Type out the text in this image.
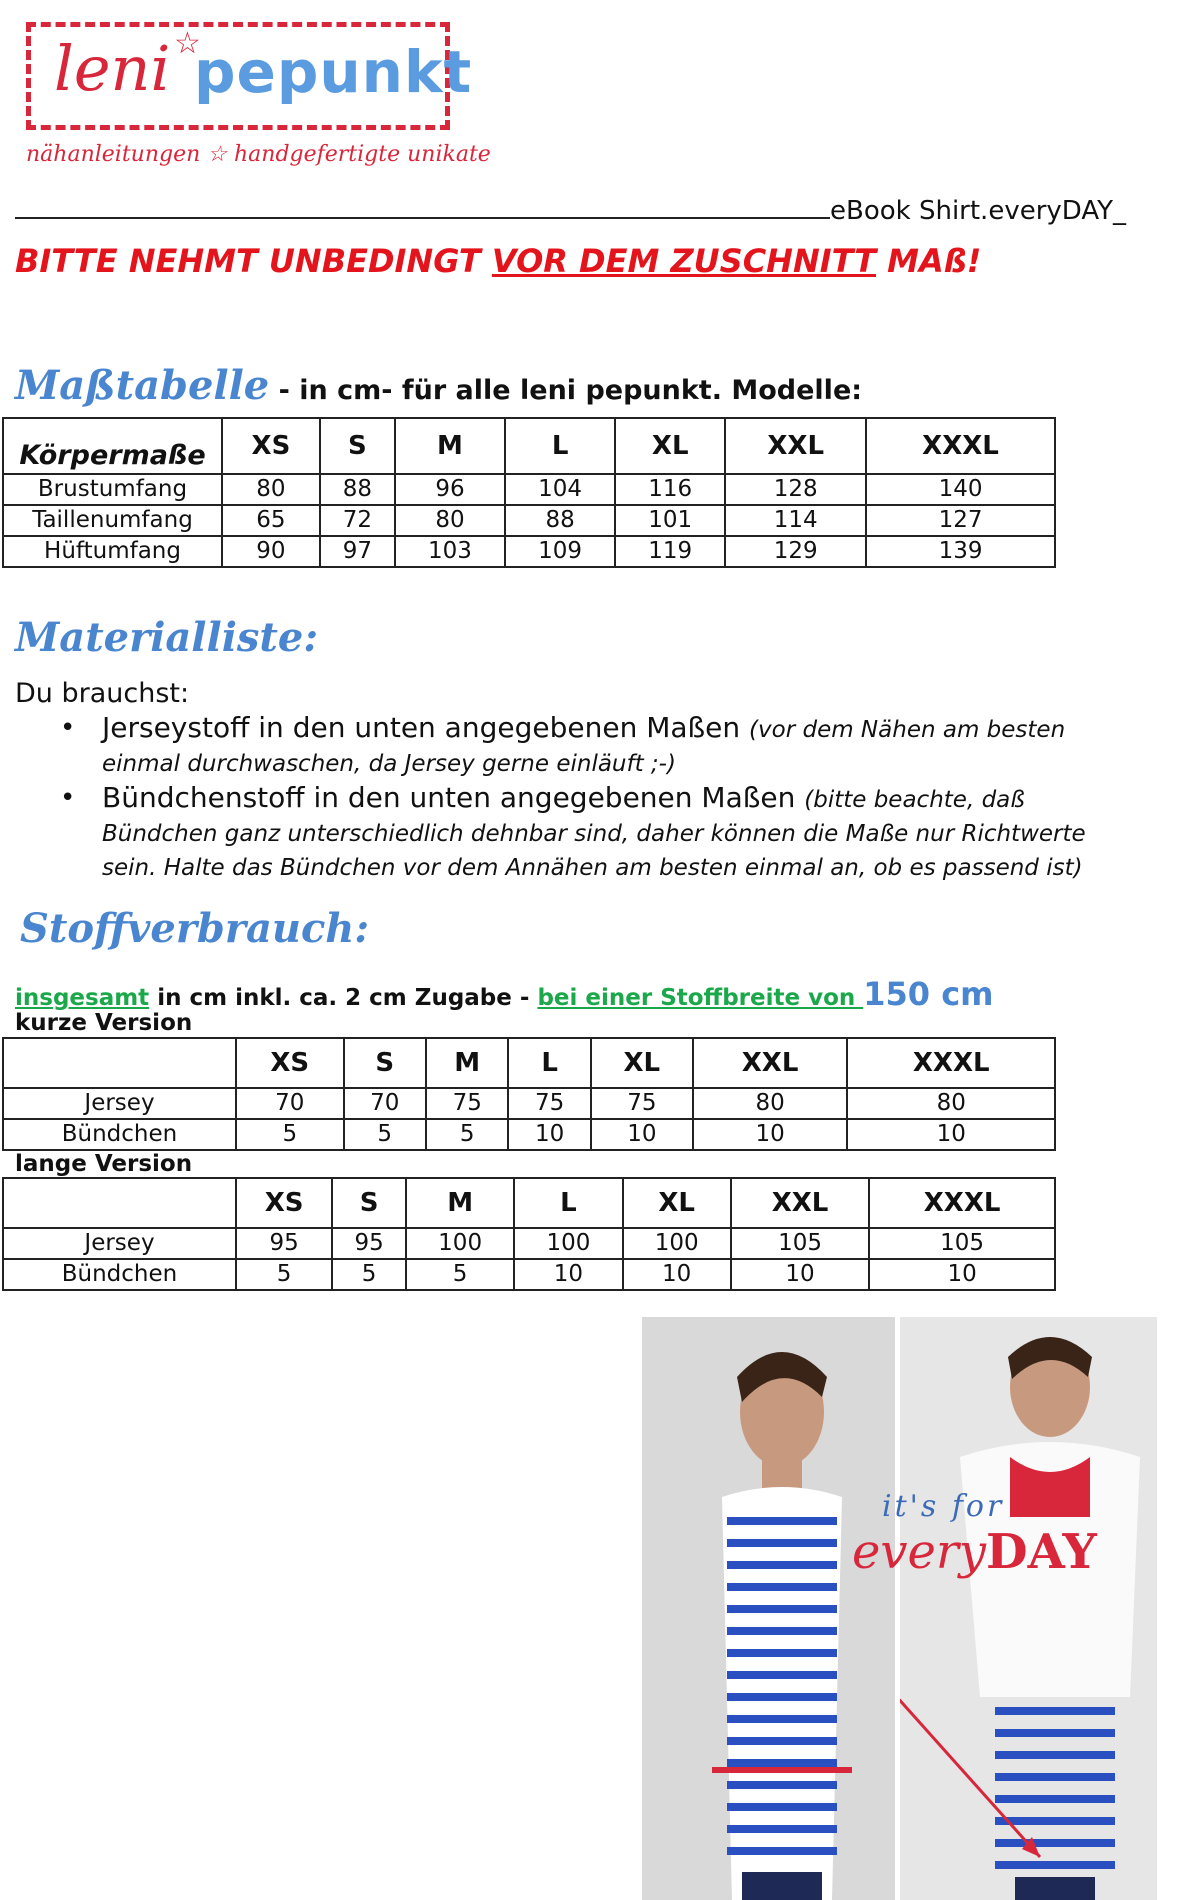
leni ☆
pepunkt
nähanleitungen ☆ handgefertigte unikate
eBook Shirt.everyDAY_
BITTE NEHMT UNBEDINGT VOR DEM ZUSCHNITT MAß!
Maßtabelle - in cm- für alle leni pepunkt. Modelle:
Körpermaße	XS	S	M	L	XL	XXL	XXXL
Brustumfang	80	88	96	104	116	128	140
Taillenumfang	65	72	80	88	101	114	127
Hüftumfang	90	97	103	109	119	129	139
Materialliste:
Du brauchst:
• Jerseystoff in den unten angegebenen Maßen (vor dem Nähen am besten einmal durchwaschen, da Jersey gerne einläuft ;-)
• Bündchenstoff in den unten angegebenen Maßen (bitte beachte, daß Bündchen ganz unterschiedlich dehnbar sind, daher können die Maße nur Richtwerte sein. Halte das Bündchen vor dem Annähen am besten einmal an, ob es passend ist)
Stoffverbrauch:
insgesamt in cm inkl. ca. 2 cm Zugabe - bei einer Stoffbreite von 150 cm
kurze Version
	XS	S	M	L	XL	XXL	XXXL
Jersey	70	70	75	75	75	80	80
Bündchen	5	5	5	10	10	10	10
lange Version
	XS	S	M	L	XL	XXL	XXXL
Jersey	95	95	100	100	100	105	105
Bündchen	5	5	5	10	10	10	10
it's for
everyDAY
